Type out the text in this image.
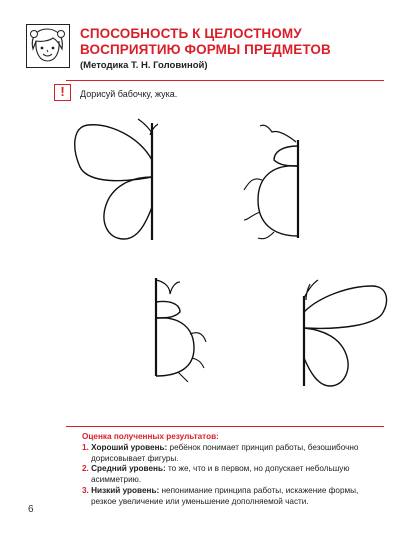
СПОСОБНОСТЬ К ЦЕЛОСТНОМУ ВОСПРИЯТИЮ ФОРМЫ ПРЕДМЕТОВ
(Методика Т. Н. Головиной)
!	Дорисуй бабочку, жука.
Оценка полученных результатов:
1. Хороший уровень: ребёнок понимает принцип работы, безошибочно дорисовывает фигуры.
2. Средний уровень: то же, что и в первом, но допускает небольшую асимметрию.
3. Низкий уровень: непонимание принципа работы, искажение формы, резкое увеличение или уменьшение дополняемой части.
6
